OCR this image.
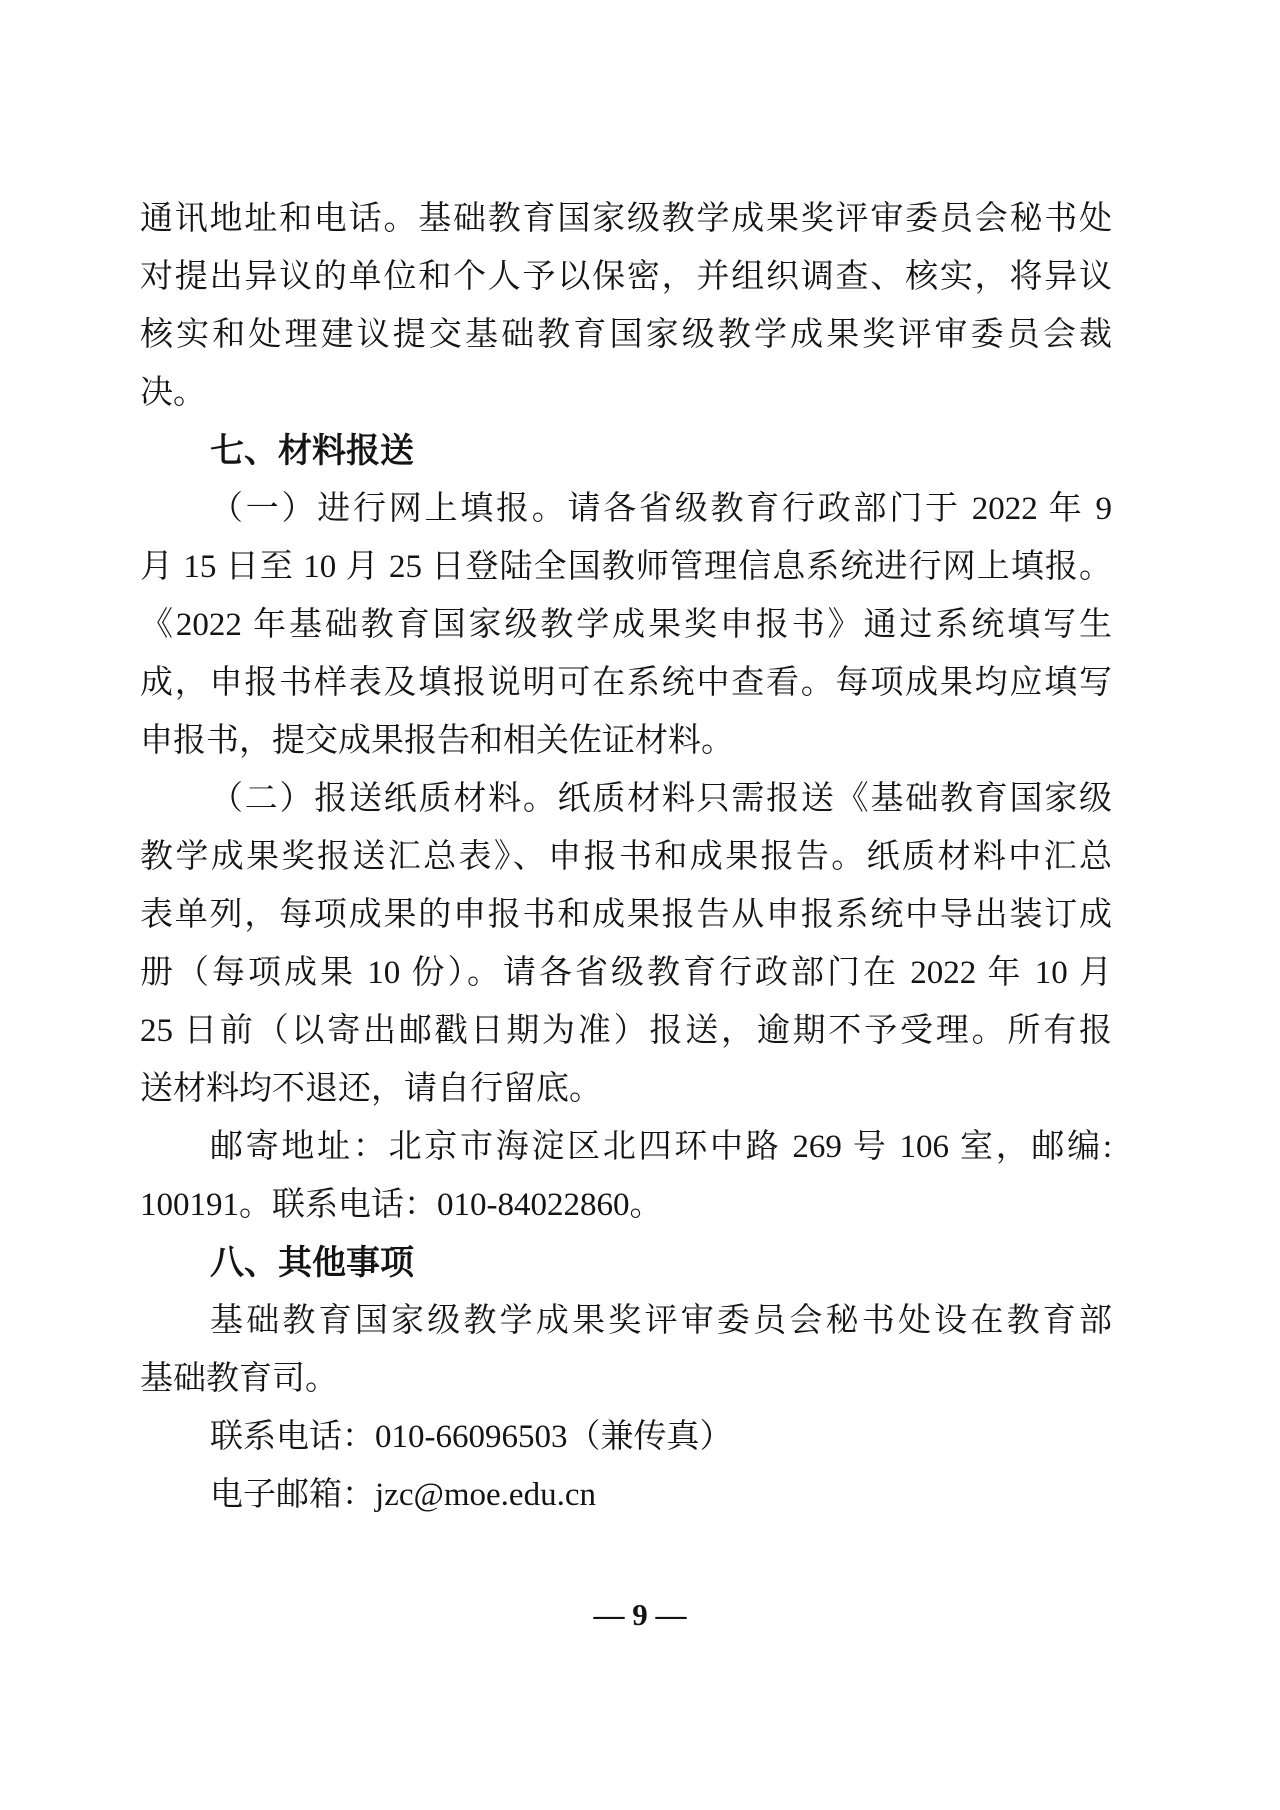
通讯地址和电话。基础教育国家级教学成果奖评审委员会秘书处
对提出异议的单位和个人予以保密，并组织调查、核实，将异议
核实和处理建议提交基础教育国家级教学成果奖评审委员会裁
决。
七、材料报送
（一）进行网上填报。请各省级教育行政部门于 2022 年 9
月 15 日至 10 月 25 日登陆全国教师管理信息系统进行网上填报。
《2022 年基础教育国家级教学成果奖申报书》通过系统填写生
成，申报书样表及填报说明可在系统中查看。每项成果均应填写
申报书，提交成果报告和相关佐证材料。
（二）报送纸质材料。纸质材料只需报送《基础教育国家级
教学成果奖报送汇总表》、申报书和成果报告。纸质材料中汇总
表单列，每项成果的申报书和成果报告从申报系统中导出装订成
册（每项成果 10 份）。请各省级教育行政部门在 2022 年 10 月
25 日前（以寄出邮戳日期为准）报送，逾期不予受理。所有报
送材料均不退还，请自行留底。
邮寄地址：北京市海淀区北四环中路 269 号 106 室，邮编:
100191。联系电话：010-84022860。
八、其他事项
基础教育国家级教学成果奖评审委员会秘书处设在教育部
基础教育司。
联系电话：010-66096503（兼传真）
电子邮箱：jzc@moe.edu.cn
— 9 —
